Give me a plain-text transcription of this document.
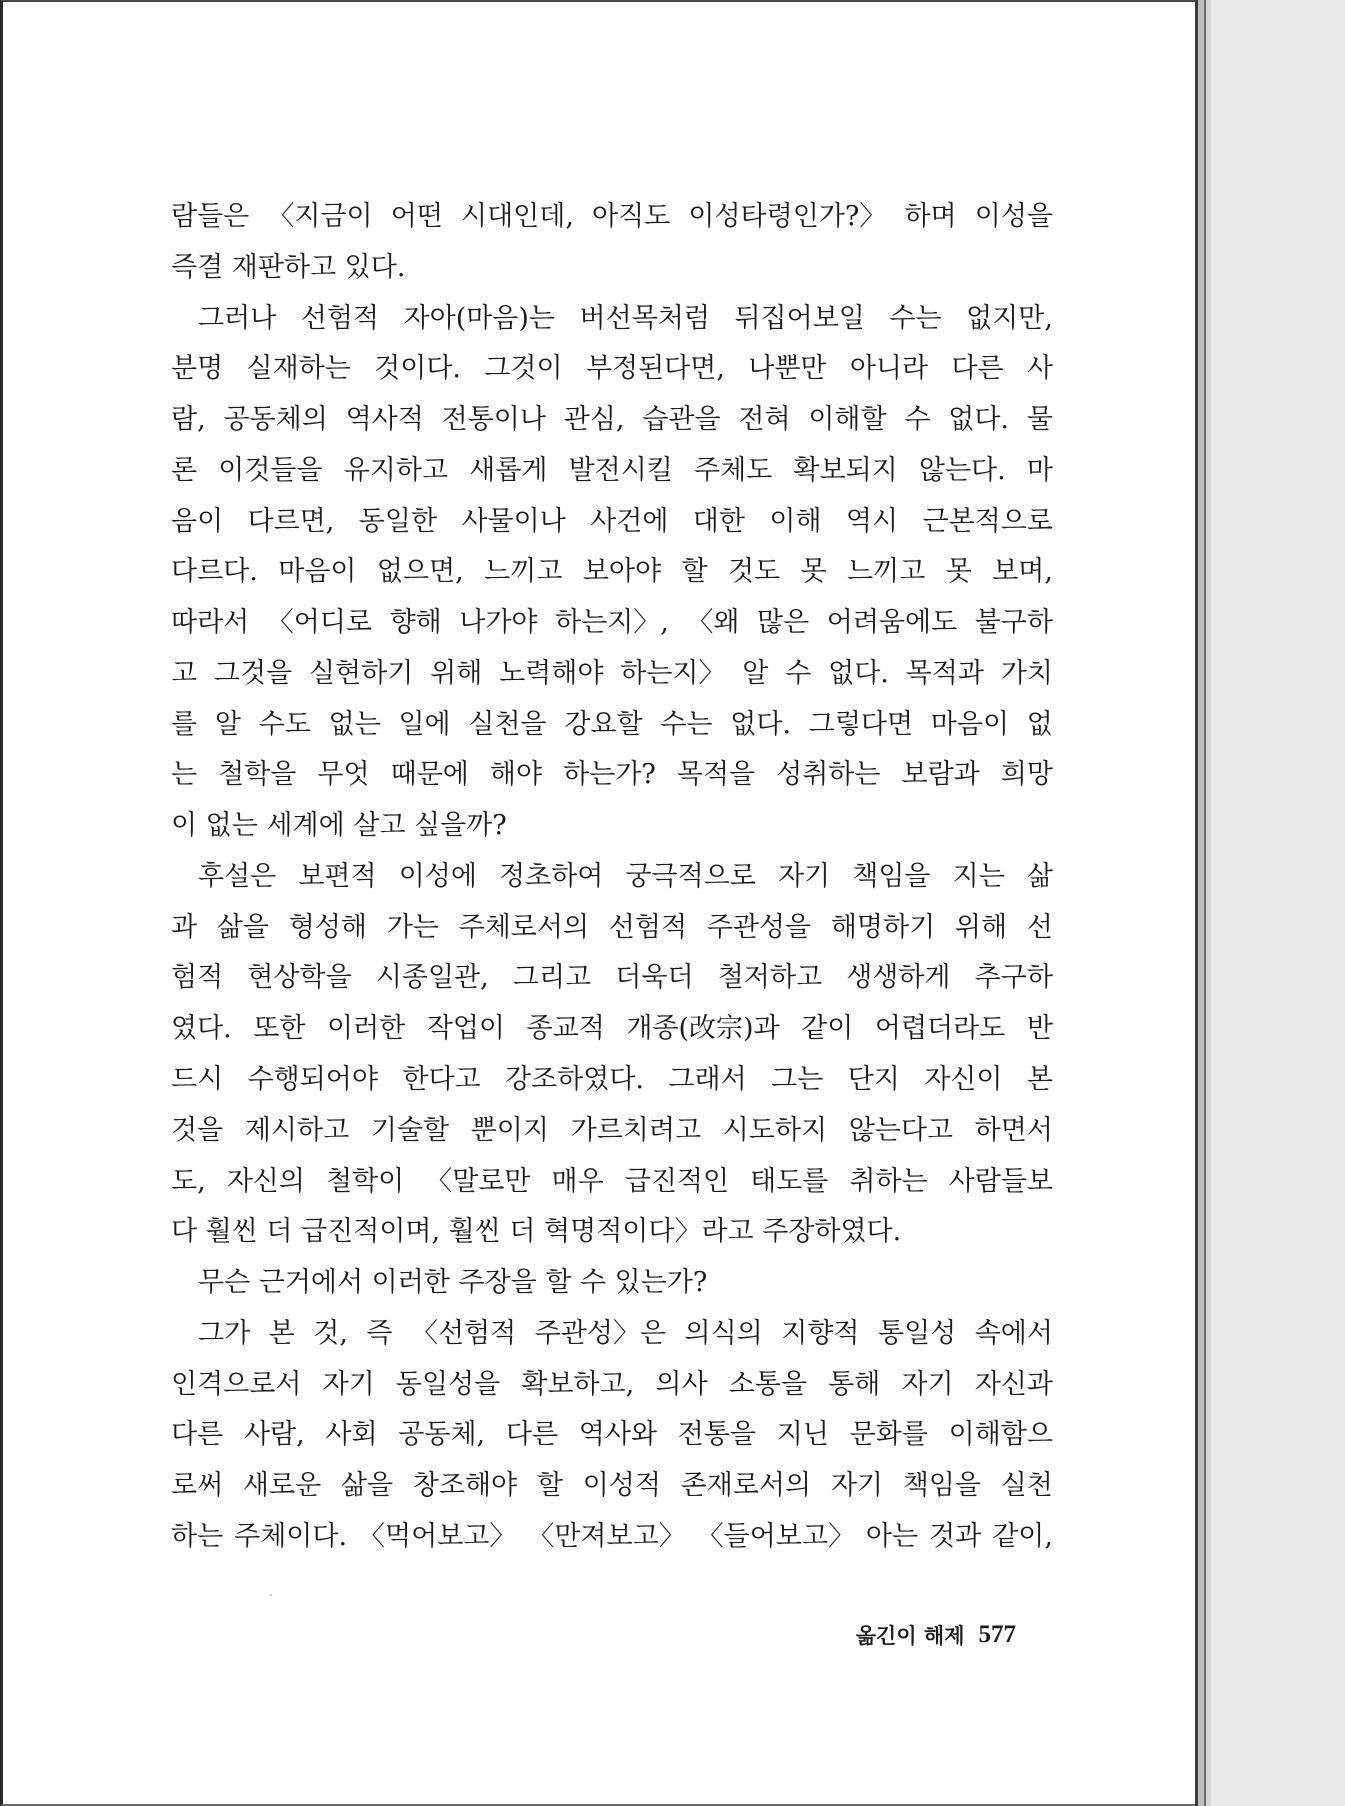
람들은 〈지금이 어떤 시대인데, 아직도 이성타령인가?〉 하며 이성을
즉결 재판하고 있다.
그러나 선험적 자아(마음)는 버선목처럼 뒤집어보일 수는 없지만,
분명 실재하는 것이다. 그것이 부정된다면, 나뿐만 아니라 다른 사
람, 공동체의 역사적 전통이나 관심, 습관을 전혀 이해할 수 없다. 물
론 이것들을 유지하고 새롭게 발전시킬 주체도 확보되지 않는다. 마
음이 다르면, 동일한 사물이나 사건에 대한 이해 역시 근본적으로
다르다. 마음이 없으면, 느끼고 보아야 할 것도 못 느끼고 못 보며,
따라서 〈어디로 향해 나가야 하는지〉, 〈왜 많은 어려움에도 불구하
고 그것을 실현하기 위해 노력해야 하는지〉 알 수 없다. 목적과 가치
를 알 수도 없는 일에 실천을 강요할 수는 없다. 그렇다면 마음이 없
는 철학을 무엇 때문에 해야 하는가? 목적을 성취하는 보람과 희망
이 없는 세계에 살고 싶을까?
후설은 보편적 이성에 정초하여 궁극적으로 자기 책임을 지는 삶
과 삶을 형성해 가는 주체로서의 선험적 주관성을 해명하기 위해 선
험적 현상학을 시종일관, 그리고 더욱더 철저하고 생생하게 추구하
였다. 또한 이러한 작업이 종교적 개종(改宗)과 같이 어렵더라도 반
드시 수행되어야 한다고 강조하였다. 그래서 그는 단지 자신이 본
것을 제시하고 기술할 뿐이지 가르치려고 시도하지 않는다고 하면서
도, 자신의 철학이 〈말로만 매우 급진적인 태도를 취하는 사람들보
다 훨씬 더 급진적이며, 훨씬 더 혁명적이다〉라고 주장하였다.
무슨 근거에서 이러한 주장을 할 수 있는가?
그가 본 것, 즉 〈선험적 주관성〉은 의식의 지향적 통일성 속에서
인격으로서 자기 동일성을 확보하고, 의사 소통을 통해 자기 자신과
다른 사람, 사회 공동체, 다른 역사와 전통을 지닌 문화를 이해함으
로써 새로운 삶을 창조해야 할 이성적 존재로서의 자기 책임을 실천
하는 주체이다. 〈먹어보고〉 〈만져보고〉 〈들어보고〉 아는 것과 같이,
옮긴이 해제 577
